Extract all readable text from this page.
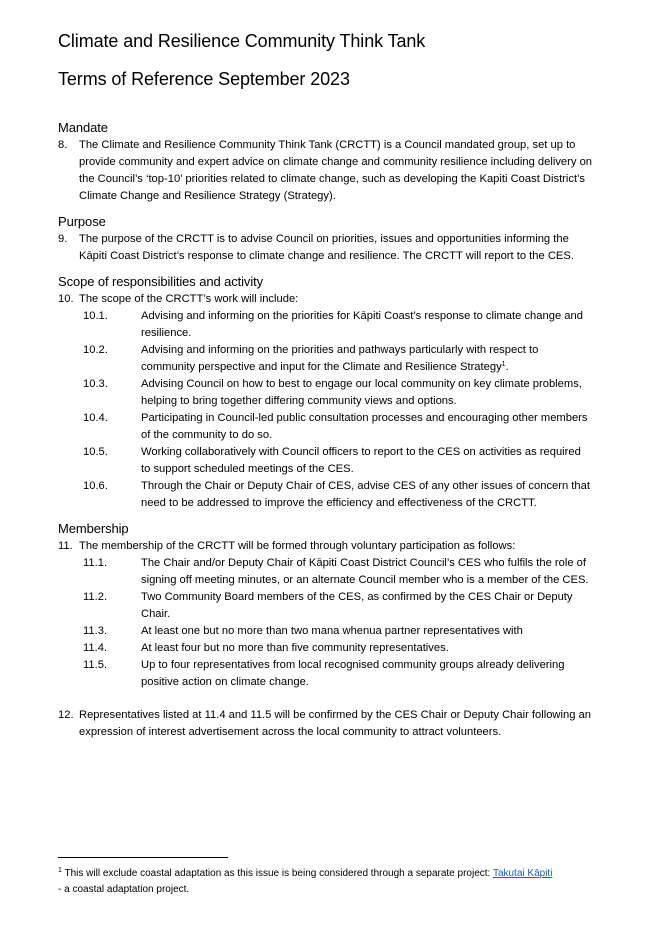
Climate and Resilience Community Think Tank
Terms of Reference September 2023
Mandate
8.	The Climate and Resilience Community Think Tank (CRCTT) is a Council mandated group, set up to provide community and expert advice on climate change and community resilience including delivery on the Council’s ‘top-10’ priorities related to climate change, such as developing the Kapiti Coast District’s Climate Change and Resilience Strategy (Strategy).
Purpose
9.	The purpose of the CRCTT is to advise Council on priorities, issues and opportunities informing the Kāpiti Coast District’s response to climate change and resilience. The CRCTT will report to the CES.
Scope of responsibilities and activity
10. The scope of the CRCTT’s work will include:
10.1.	Advising and informing on the priorities for Kāpiti Coast’s response to climate change and resilience.
10.2.	Advising and informing on the priorities and pathways particularly with respect to community perspective and input for the Climate and Resilience Strategy$^1$.
10.3.	Advising Council on how to best to engage our local community on key climate problems, helping to bring together differing community views and options.
10.4.	Participating in Council-led public consultation processes and encouraging other members of the community to do so.
10.5.	Working collaboratively with Council officers to report to the CES on activities as required to support scheduled meetings of the CES.
10.6.	Through the Chair or Deputy Chair of CES, advise CES of any other issues of concern that need to be addressed to improve the efficiency and effectiveness of the CRCTT.
Membership
11. The membership of the CRCTT will be formed through voluntary participation as follows:
11.1.	The Chair and/or Deputy Chair of Kāpiti Coast District Council’s CES who fulfils the role of signing off meeting minutes, or an alternate Council member who is a member of the CES.
11.2.	Two Community Board members of the CES, as confirmed by the CES Chair or Deputy Chair.
11.3.	At least one but no more than two mana whenua partner representatives with
11.4.	At least four but no more than five community representatives.
11.5.	Up to four representatives from local recognised community groups already delivering positive action on climate change.
12. Representatives listed at 11.4 and 11.5 will be confirmed by the CES Chair or Deputy Chair following an expression of interest advertisement across the local community to attract volunteers.
$^1$ This will exclude coastal adaptation as this issue is being considered through a separate project: Takutai Kāpiti
- a coastal adaptation project.
